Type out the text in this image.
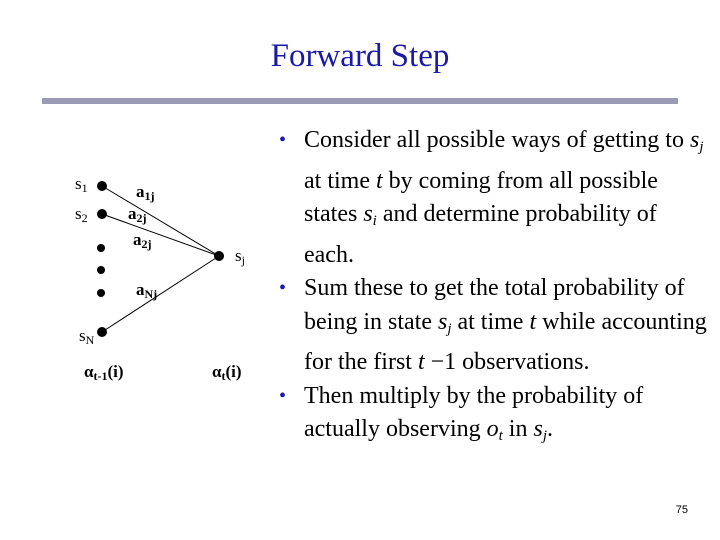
Forward Step
$s_1$
$s_2$
$s_N$
$s_j$
$a_{1j}$
$a_{2j}$
$a_{2j}$
$a_{Nj}$
$\alpha_{t-1}(i)$	$\alpha_t(i)$
• Consider all possible ways of getting to sj at time t by coming from all possible states si and determine probability of each.
• Sum these to get the total probability of being in state sj at time t while accounting for the first t −1 observations.
• Then multiply by the probability of actually observing ot in sj.
75
